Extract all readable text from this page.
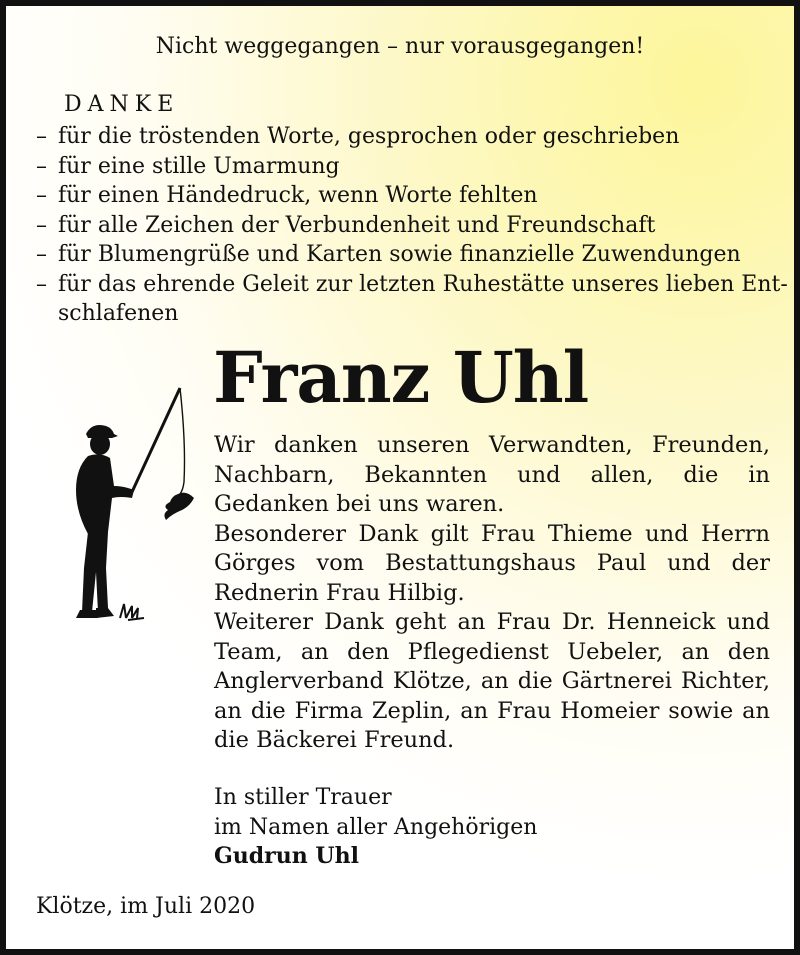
Nicht weggegangen – nur vorausgegangen!
DANKE
– für die tröstenden Worte, gesprochen oder geschrieben
– für eine stille Umarmung
– für einen Händedruck, wenn Worte fehlten
– für alle Zeichen der Verbundenheit und Freundschaft
– für Blumengrüße und Karten sowie finanzielle Zuwendungen
– für das ehrende Geleit zur letzten Ruhestätte unseres lieben Ent-
schlafenen
Franz Uhl

Wir danken unseren Verwandten, Freunden, Nachbarn, Bekannten und allen, die in Gedanken bei uns waren.

Besonderer Dank gilt Frau Thieme und Herrn Görges vom Bestattungshaus Paul und der Rednerin Frau Hilbig.

Weiterer Dank geht an Frau Dr. Henneick und Team, an den Pflegedienst Uebeler, an den Anglerverband Klötze, an die Gärtnerei Richter, an die Firma Zeplin, an Frau Homeier sowie an die Bäckerei Freund.

In stiller Trauer
im Namen aller Angehörigen
Gudrun Uhl
Klötze, im Juli 2020
